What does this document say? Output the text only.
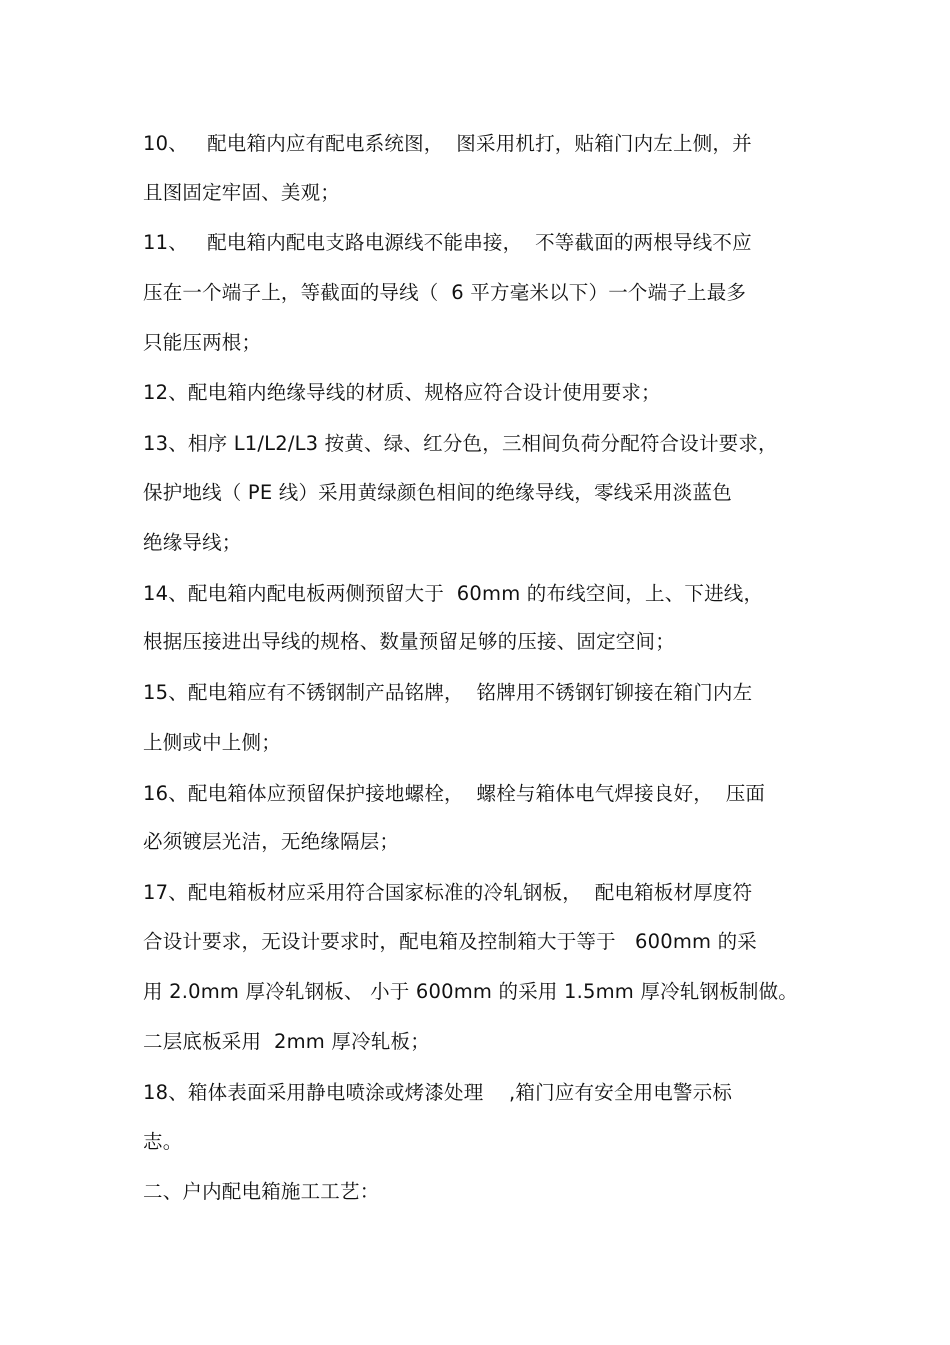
10、   配电箱内应有配电系统图，  图采用机打，贴箱门内左上侧，并
且图固定牢固、美观；
11、   配电箱内配电支路电源线不能串接，  不等截面的两根导线不应
压在一个端子上，等截面的导线（  6 平方毫米以下）一个端子上最多
只能压两根；
12、配电箱内绝缘导线的材质、规格应符合设计使用要求；
13、相序 L1/L2/L3 按黄、绿、红分色，三相间负荷分配符合设计要求，
保护地线（ PE 线）采用黄绿颜色相间的绝缘导线，零线采用淡蓝色
绝缘导线；
14、配电箱内配电板两侧预留大于  60mm 的布线空间，上、下进线，
根据压接进出导线的规格、数量预留足够的压接、固定空间；
15、配电箱应有不锈钢制产品铭牌，  铭牌用不锈钢钉铆接在箱门内左
上侧或中上侧；
16、配电箱体应预留保护接地螺栓，  螺栓与箱体电气焊接良好，  压面
必须镀层光洁，无绝缘隔层；
17、配电箱板材应采用符合国家标准的冷轧钢板，  配电箱板材厚度符
合设计要求，无设计要求时，配电箱及控制箱大于等于   600mm 的采
用 2.0mm 厚冷轧钢板、 小于 600mm 的采用 1.5mm 厚冷轧钢板制做。
二层底板采用  2mm 厚冷轧板；
18、箱体表面采用静电喷涂或烤漆处理    ,箱门应有安全用电警示标
志。
二、户内配电箱施工工艺：
